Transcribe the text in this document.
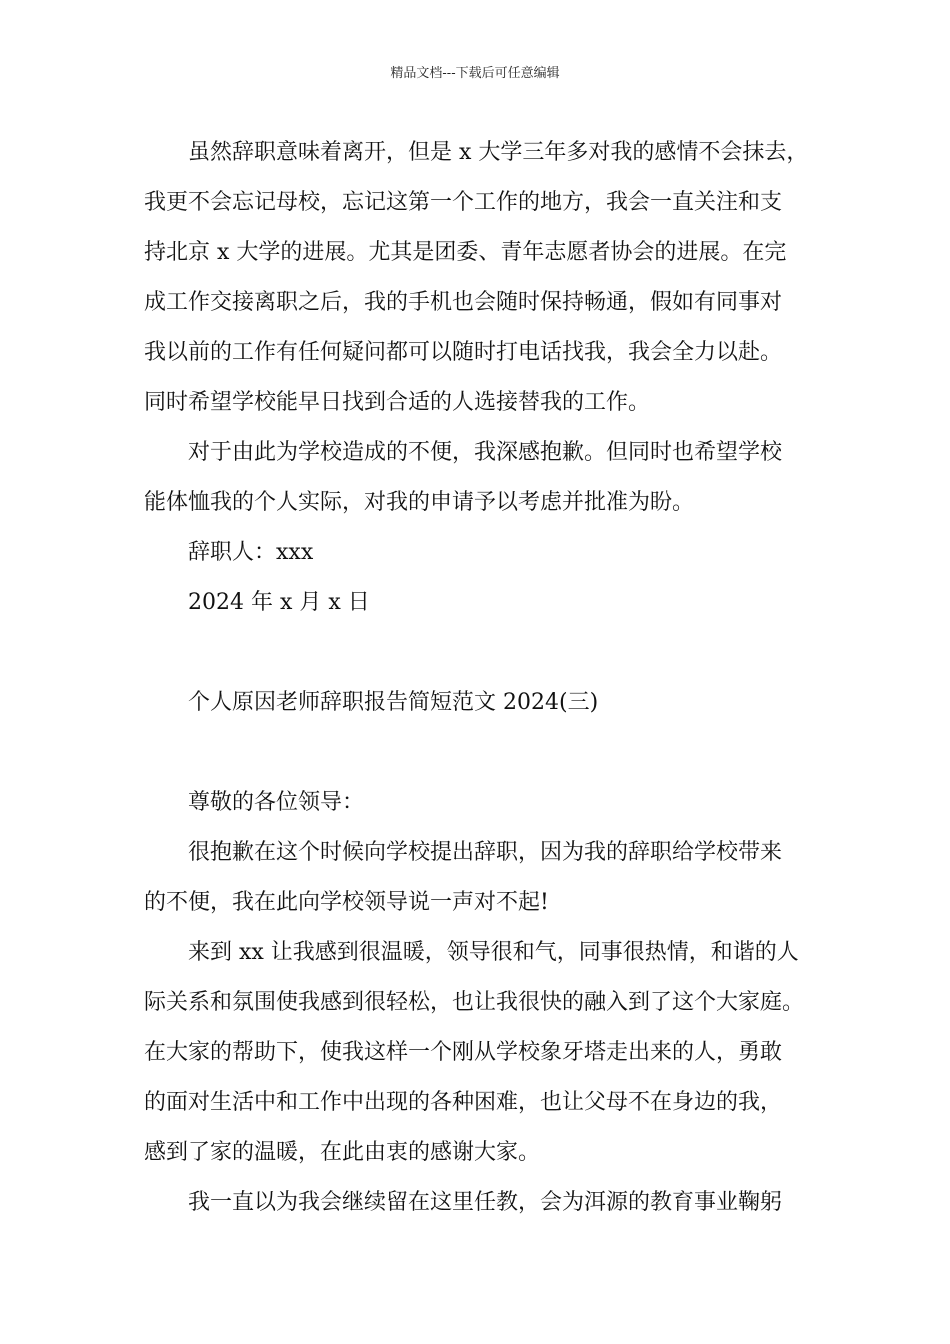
精品文档---下载后可任意编辑
虽然辞职意味着离开，但是 x 大学三年多对我的感情不会抹去，
我更不会忘记母校，忘记这第一个工作的地方，我会一直关注和支
持北京 x 大学的进展。尤其是团委、青年志愿者协会的进展。在完
成工作交接离职之后，我的手机也会随时保持畅通，假如有同事对
我以前的工作有任何疑问都可以随时打电话找我，我会全力以赴。
同时希望学校能早日找到合适的人选接替我的工作。
对于由此为学校造成的不便，我深感抱歉。但同时也希望学校
能体恤我的个人实际，对我的申请予以考虑并批准为盼。
辞职人：xxx
2024 年 x 月 x 日
个人原因老师辞职报告简短范文 2024(三)
尊敬的各位领导：
很抱歉在这个时候向学校提出辞职，因为我的辞职给学校带来
的不便，我在此向学校领导说一声对不起!
来到 xx 让我感到很温暖，领导很和气，同事很热情，和谐的人
际关系和氛围使我感到很轻松，也让我很快的融入到了这个大家庭。
在大家的帮助下，使我这样一个刚从学校象牙塔走出来的人，勇敢
的面对生活中和工作中出现的各种困难，也让父母不在身边的我，
感到了家的温暖，在此由衷的感谢大家。
我一直以为我会继续留在这里任教，会为洱源的教育事业鞠躬
